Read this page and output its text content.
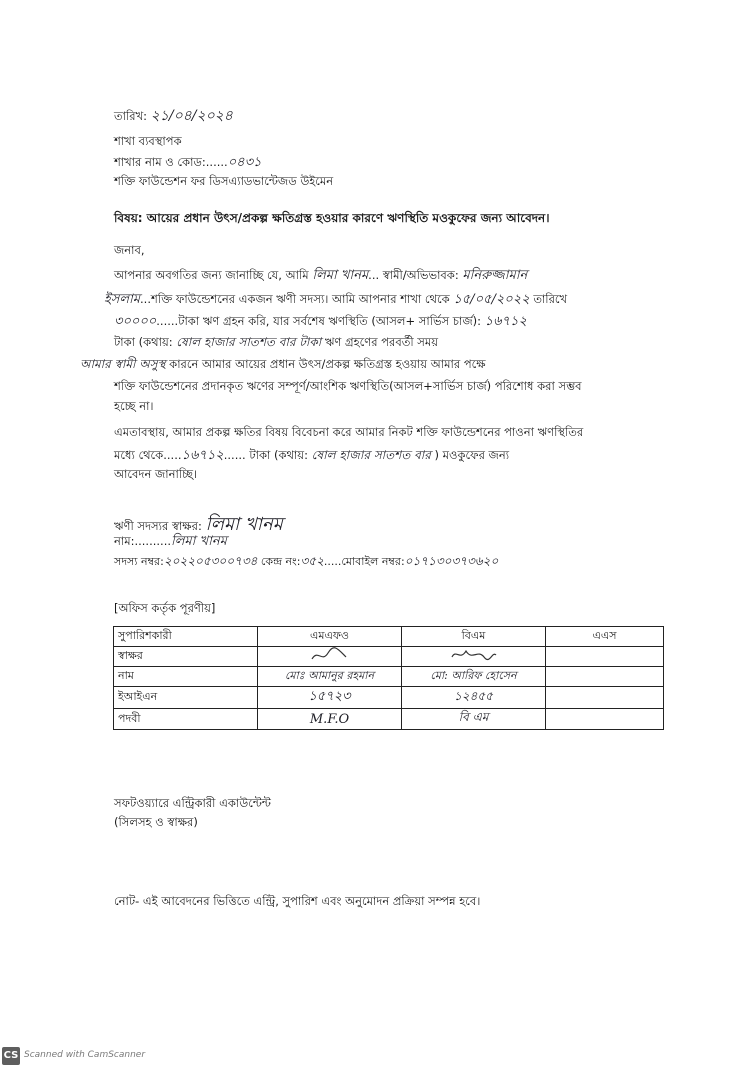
তারিখ: ২১/০৪/২০২৪
শাখা ব্যবস্থাপক
শাখার নাম ও কোড:......০৪৩১
শক্তি ফাউন্ডেশন ফর ডিসএ্যাডভান্টেজড উইমেন
বিষয়: আয়ের প্রধান উৎস/প্রকল্প ক্ষতিগ্রস্ত হওয়ার কারণে ঋণস্থিতি মওকুফের জন্য আবেদন।
জনাব,
আপনার অবগতির জন্য জানাচ্ছি যে, আমি লিমা খানম... স্বামী/অভিভাবক: মনিরুজ্জামান
ইসলাম...শক্তি ফাউন্ডেশনের একজন ঋণী সদস্য। আমি আপনার শাখা থেকে ১৫/০৫/২০২২ তারিখে
৩০০০০......টাকা ঋণ গ্রহন করি, যার সর্বশেষ ঋণস্থিতি (আসল+ সার্ভিস চার্জ): ১৬৭১২
টাকা (কথায়: ষোল হাজার সাতশত বার টাকা ঋণ গ্রহণের পরবর্তী সময়
আমার স্বামী অসুস্থ কারনে আমার আয়ের প্রধান উৎস/প্রকল্প ক্ষতিগ্রস্ত হওয়ায় আমার পক্ষে
শক্তি ফাউন্ডেশনের প্রদানকৃত ঋণের সম্পূর্ণ/আংশিক ঋণস্থিতি(আসল+সার্ভিস চার্জ) পরিশোধ করা সম্ভব
হচ্ছে না।
এমতাবস্থায়, আমার প্রকল্প ক্ষতির বিষয় বিবেচনা করে আমার নিকট শক্তি ফাউন্ডেশনের পাওনা ঋণস্থিতির
মধ্যে থেকে.....১৬৭১২...... টাকা (কথায়: ষোল হাজার সাতশত বার ) মওকুফের জন্য
আবেদন জানাচ্ছি।
ঋণী সদস্যর স্বাক্ষর: লিমা খানম
নাম:..........লিমা খানম
সদস্য নম্বর:২০২২০৫৩০০৭৩৪ কেন্দ্র নং:৩৫২.....মোবাইল নম্বর:০১৭১৩০৩৭৩৬২০
[অফিস কর্তৃক পূরণীয়]
সুপারিশকারী	এমএফও	বিএম	এএস
স্বাক্ষর			
নাম	মোঃ আমানুর রহমান	মো: আরিফ হোসেন	
ইআইএন	১৫৭২৩	১২৪৫৫	
পদবী	M.F.O	বি এম	
সফটওয়্যারে এন্ট্রিকারী একাউন্টেন্ট
(সিলসহ ও স্বাক্ষর)
নোট- এই আবেদনের ভিত্তিতে এন্ট্রি, সুপারিশ এবং অনুমোদন প্রক্রিয়া সম্পন্ন হবে।
CS Scanned with CamScanner
